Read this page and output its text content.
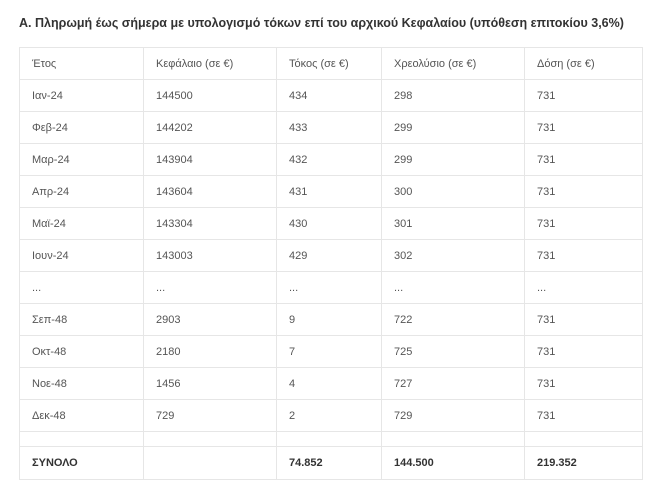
A. Πληρωμή έως σήμερα με υπολογισμό τόκων επί του αρχικού Κεφαλαίου (υπόθεση επιτοκίου 3,6%)
Έτος	Κεφάλαιο (σε €)	Τόκος (σε €)	Χρεολύσιο (σε €)	Δόση (σε €)
Ιαν-24	144500	434	298	731
Φεβ-24	144202	433	299	731
Μαρ-24	143904	432	299	731
Απρ-24	143604	431	300	731
Μαϊ-24	143304	430	301	731
Ιουν-24	143003	429	302	731
...	...	...	...	...
Σεπ-48	2903	9	722	731
Οκτ-48	2180	7	725	731
Νοε-48	1456	4	727	731
Δεκ-48	729	2	729	731

ΣΥΝΟΛΟ		74.852	144.500	219.352
